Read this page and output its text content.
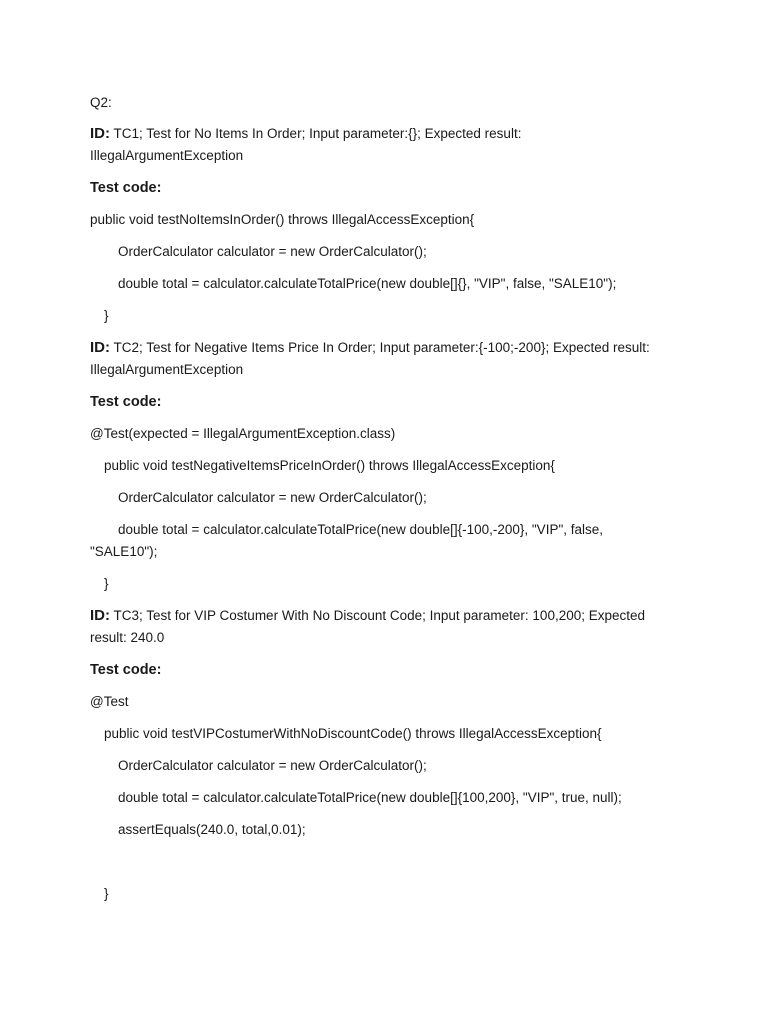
Q2:
ID: TC1; Test for No Items In Order; Input parameter:{}; Expected result:
IllegalArgumentException
Test code:
public void testNoItemsInOrder() throws IllegalAccessException{
OrderCalculator calculator = new OrderCalculator();
double total = calculator.calculateTotalPrice(new double[]{}, "VIP", false, "SALE10");
}
ID: TC2; Test for Negative Items Price In Order; Input parameter:{-100;-200}; Expected result:
IllegalArgumentException
Test code:
@Test(expected = IllegalArgumentException.class)
public void testNegativeItemsPriceInOrder() throws IllegalAccessException{
OrderCalculator calculator = new OrderCalculator();
double total = calculator.calculateTotalPrice(new double[]{-100,-200}, "VIP", false,
"SALE10");
}
ID: TC3; Test for VIP Costumer With No Discount Code; Input parameter: 100,200; Expected
result: 240.0
Test code:
@Test
public void testVIPCostumerWithNoDiscountCode() throws IllegalAccessException{
OrderCalculator calculator = new OrderCalculator();
double total = calculator.calculateTotalPrice(new double[]{100,200}, "VIP", true, null);
assertEquals(240.0, total,0.01);
}
